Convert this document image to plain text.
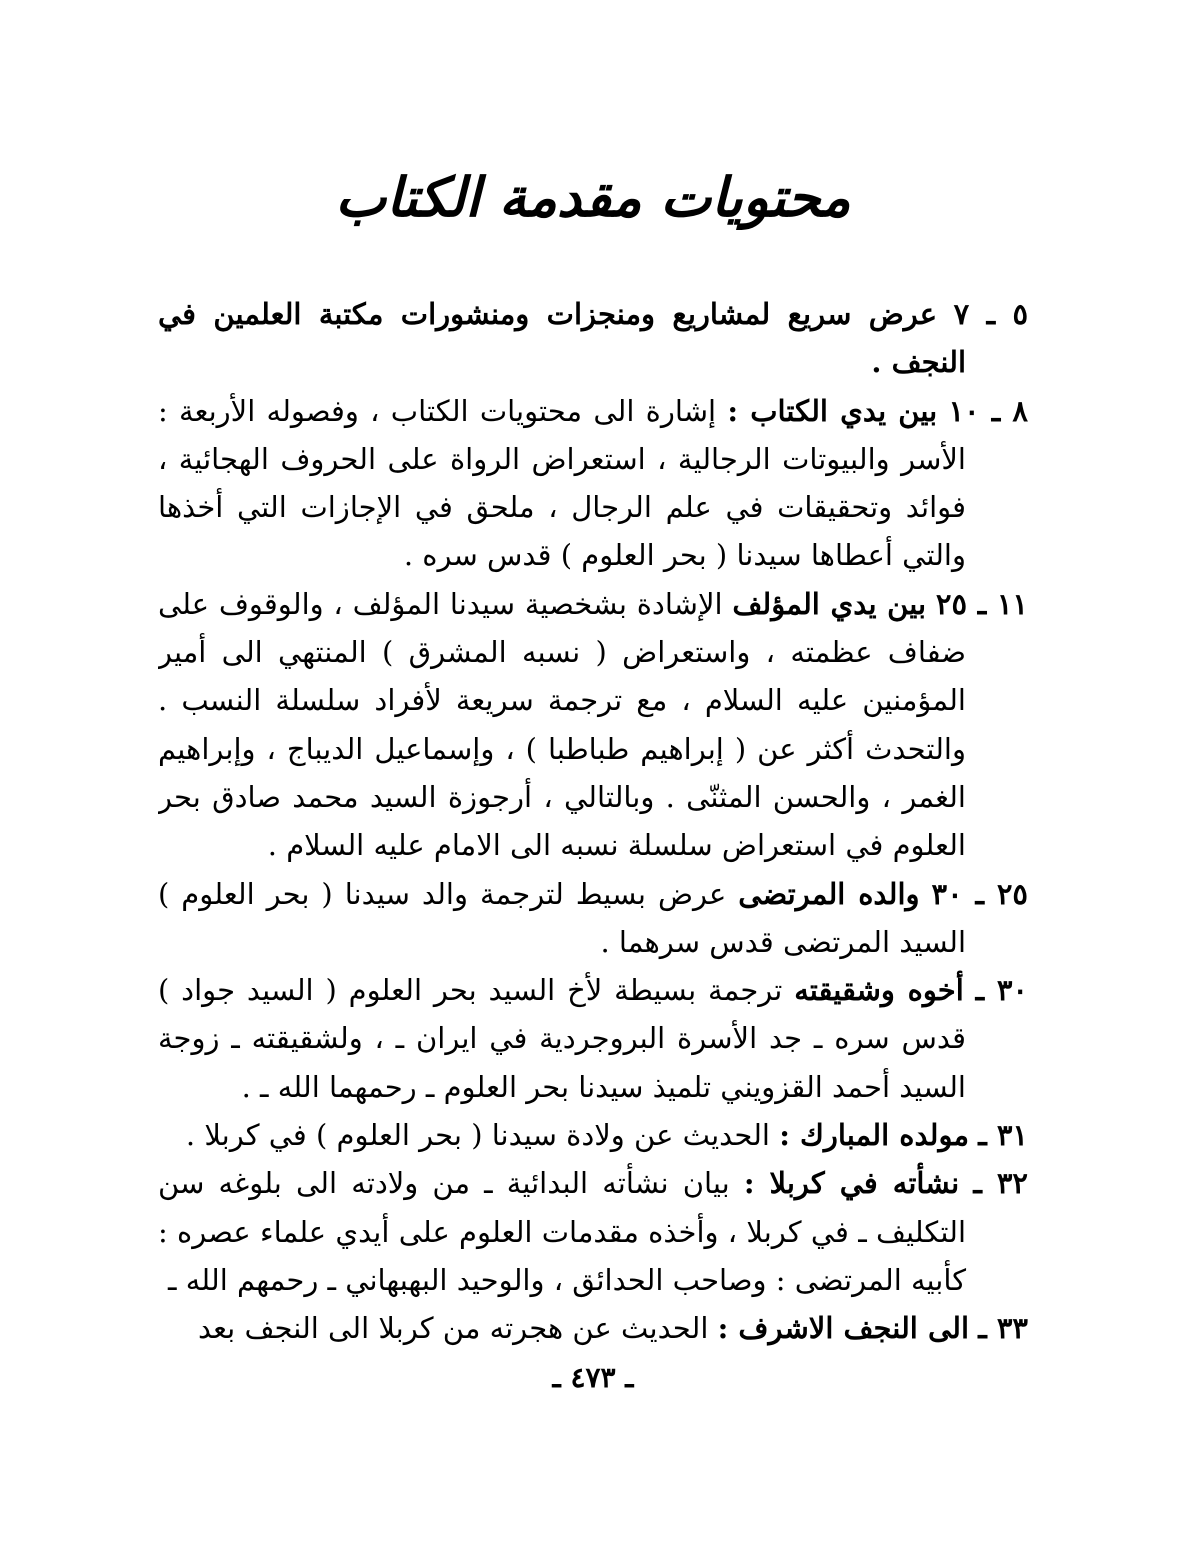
محتويات مقدمة الكتاب

٥ ـ ٧ عرض سريع لمشاريع ومنجزات ومنشورات مكتبة العلمين في النجف .

٨ ـ ١٠ بين يدي الكتاب : إشارة الى محتويات الكتاب ، وفصوله الأربعة : الأسر والبيوتات الرجالية ، استعراض الرواة على الحروف الهجائية ، فوائد وتحقيقات في علم الرجال ، ملحق في الإجازات التي أخذها والتي أعطاها سيدنا ( بحر العلوم ) قدس سره .

١١ ـ ٢٥ بين يدي المؤلف الإشادة بشخصية سيدنا المؤلف ، والوقوف على ضفاف عظمته ، واستعراض ( نسبه المشرق ) المنتهي الى أمير المؤمنين عليه السلام ، مع ترجمة سريعة لأفراد سلسلة النسب . والتحدث أكثر عن ( إبراهيم طباطبا ) ، وإسماعيل الديباج ، وإبراهيم الغمر ، والحسن المثنّى . وبالتالي ، أرجوزة السيد محمد صادق بحر العلوم في استعراض سلسلة نسبه الى الامام عليه السلام .

٢٥ ـ ٣٠ والده المرتضى عرض بسيط لترجمة والد سيدنا ( بحر العلوم ) السيد المرتضى قدس سرهما .

٣٠ ـ أخوه وشقيقته ترجمة بسيطة لأخ السيد بحر العلوم ( السيد جواد ) قدس سره ـ جد الأسرة البروجردية في ايران ـ ، ولشقيقته ـ زوجة السيد أحمد القزويني تلميذ سيدنا بحر العلوم ـ رحمهما الله ـ .

٣١ ـ مولده المبارك : الحديث عن ولادة سيدنا ( بحر العلوم ) في كربلا .

٣٢ ـ نشأته في كربلا : بيان نشأته البدائية ـ من ولادته الى بلوغه سن التكليف ـ في كربلا ، وأخذه مقدمات العلوم على أيدي علماء عصره : كأبيه المرتضى : وصاحب الحدائق ، والوحيد البهبهاني ـ رحمهم الله ـ

٣٣ ـ الى النجف الاشرف : الحديث عن هجرته من كربلا الى النجف بعد

ـ ٤٧٣ ـ
